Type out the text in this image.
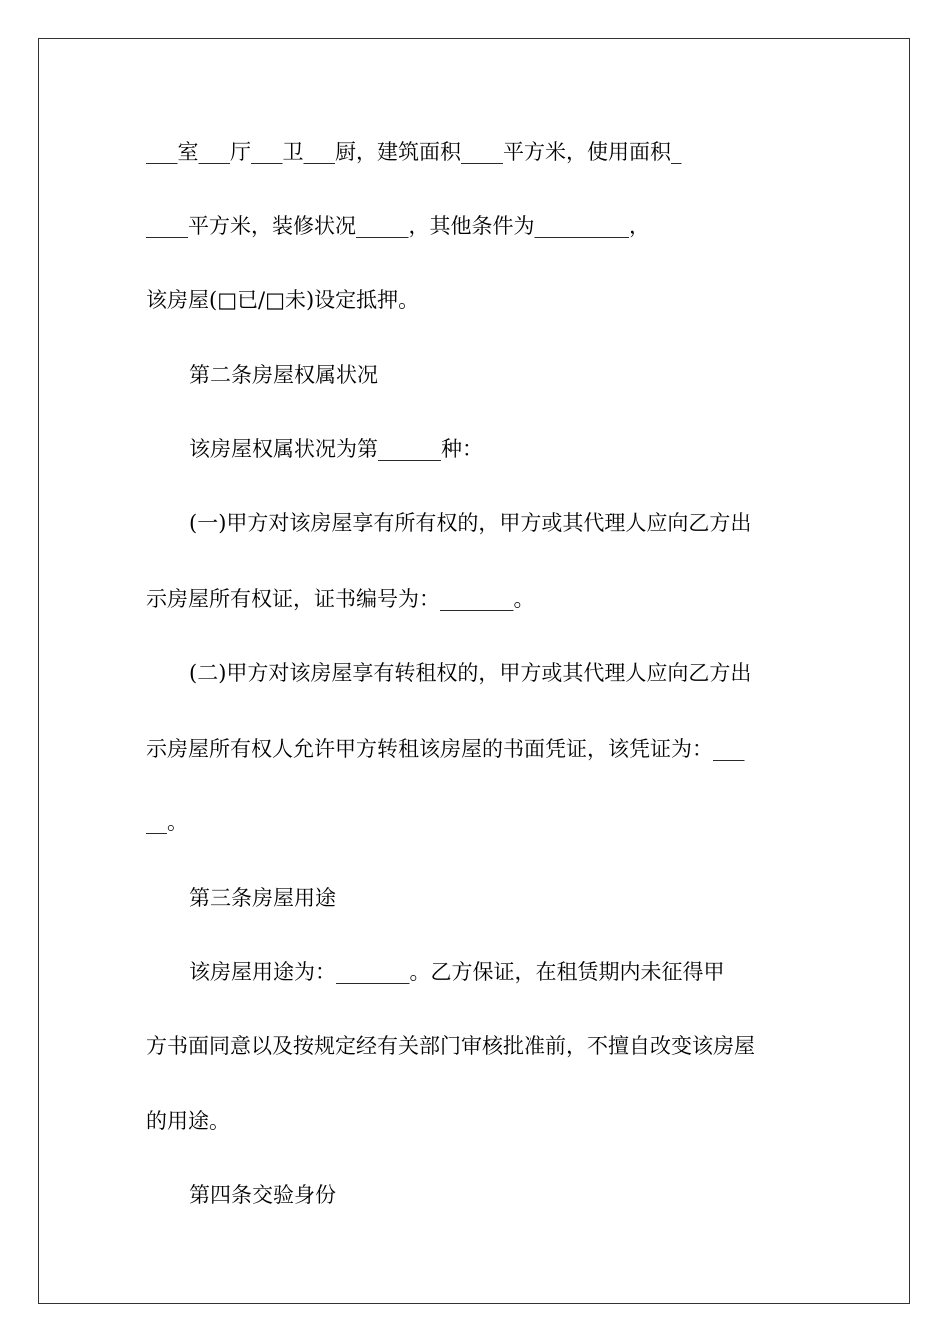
___室___厅___卫___厨，建筑面积____平方米，使用面积_
____平方米，装修状况_____，其他条件为_________，
该房屋(□已/□未)设定抵押。
第二条房屋权属状况
该房屋权属状况为第______种：
(一)甲方对该房屋享有所有权的，甲方或其代理人应向乙方出
示房屋所有权证，证书编号为：_______。
(二)甲方对该房屋享有转租权的，甲方或其代理人应向乙方出
示房屋所有权人允许甲方转租该房屋的书面凭证，该凭证为：___
__。
第三条房屋用途
该房屋用途为：_______。乙方保证，在租赁期内未征得甲
方书面同意以及按规定经有关部门审核批准前，不擅自改变该房屋
的用途。
第四条交验身份
